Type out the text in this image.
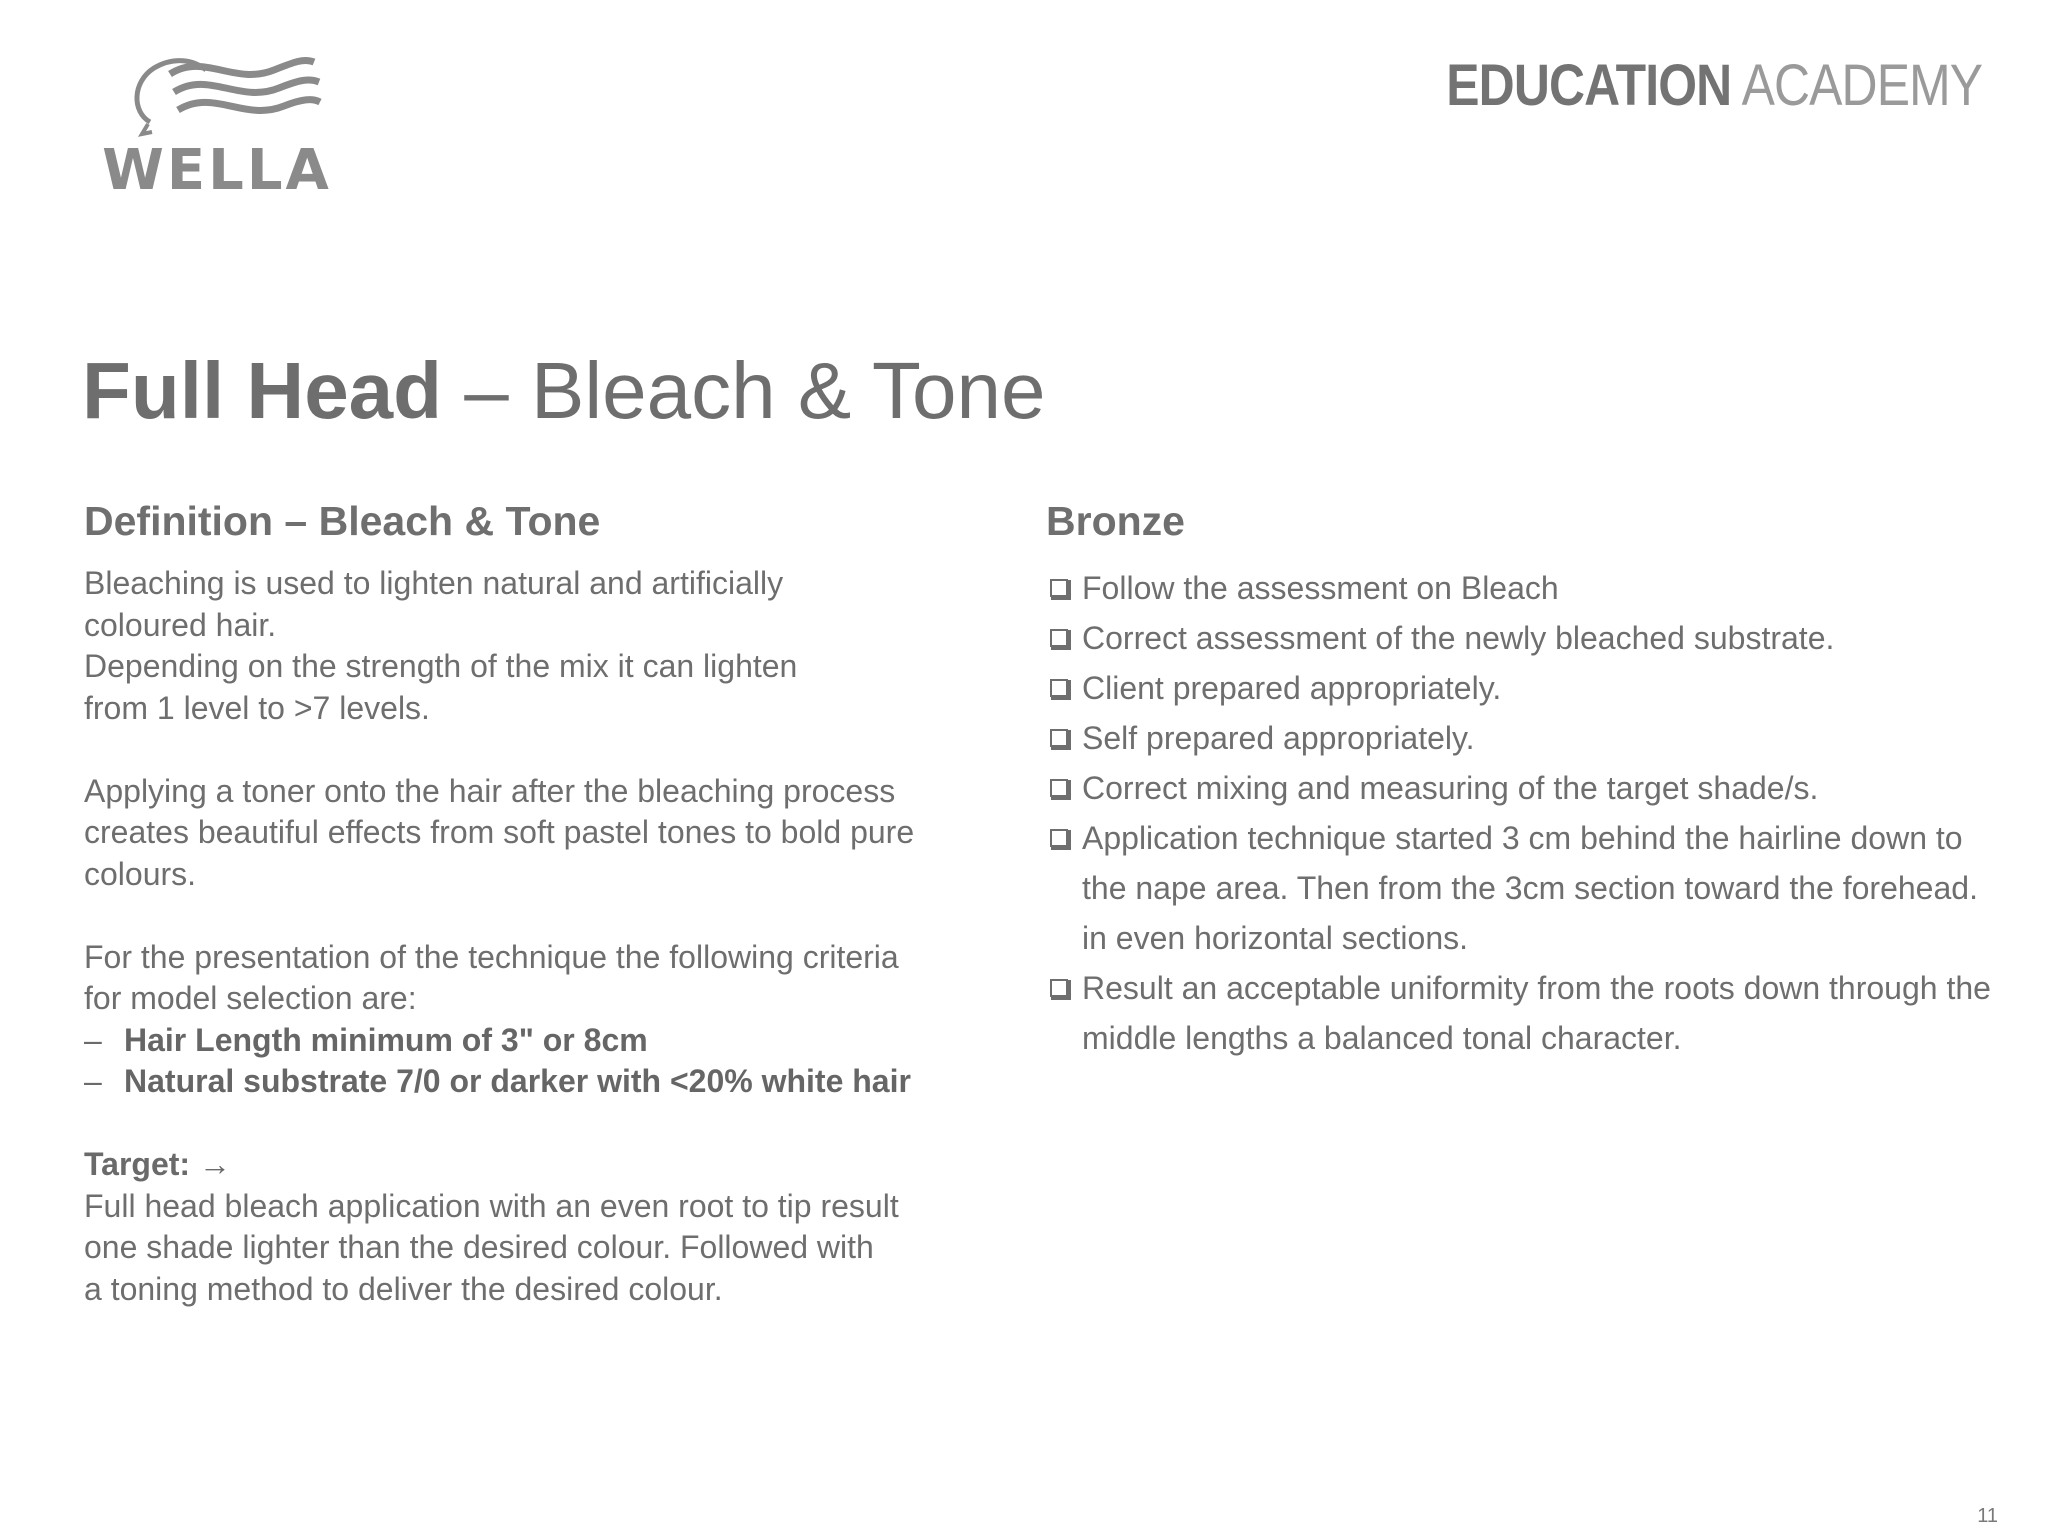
WELLA
EDUCATION ACADEMY
Full Head – Bleach & Tone
Definition – Bleach & Tone

Bleaching is used to lighten natural and artificially

coloured hair.

Depending on the strength of the mix it can lighten

from 1 level to >7 levels.

Applying a toner onto the hair after the bleaching process

creates beautiful effects from soft pastel tones to bold pure

colours.

For the presentation of the technique the following criteria

for model selection are:

– Hair Length minimum of 3" or 8cm
– Natural substrate 7/0 or darker with <20% white hair

Target: →

Full head bleach application with an even root to tip result

one shade lighter than the desired colour. Followed with

a toning method to deliver the desired colour.

Bronze
Follow the assessment on Bleach
Correct assessment of the newly bleached substrate.
Client prepared appropriately.
Self prepared appropriately.
Correct mixing and measuring of the target shade/s.
Application technique started 3 cm behind the hairline down to the nape area. Then from the 3cm section toward the forehead. in even horizontal sections.
Result an acceptable uniformity from the roots down through the middle lengths a balanced tonal character.
11
